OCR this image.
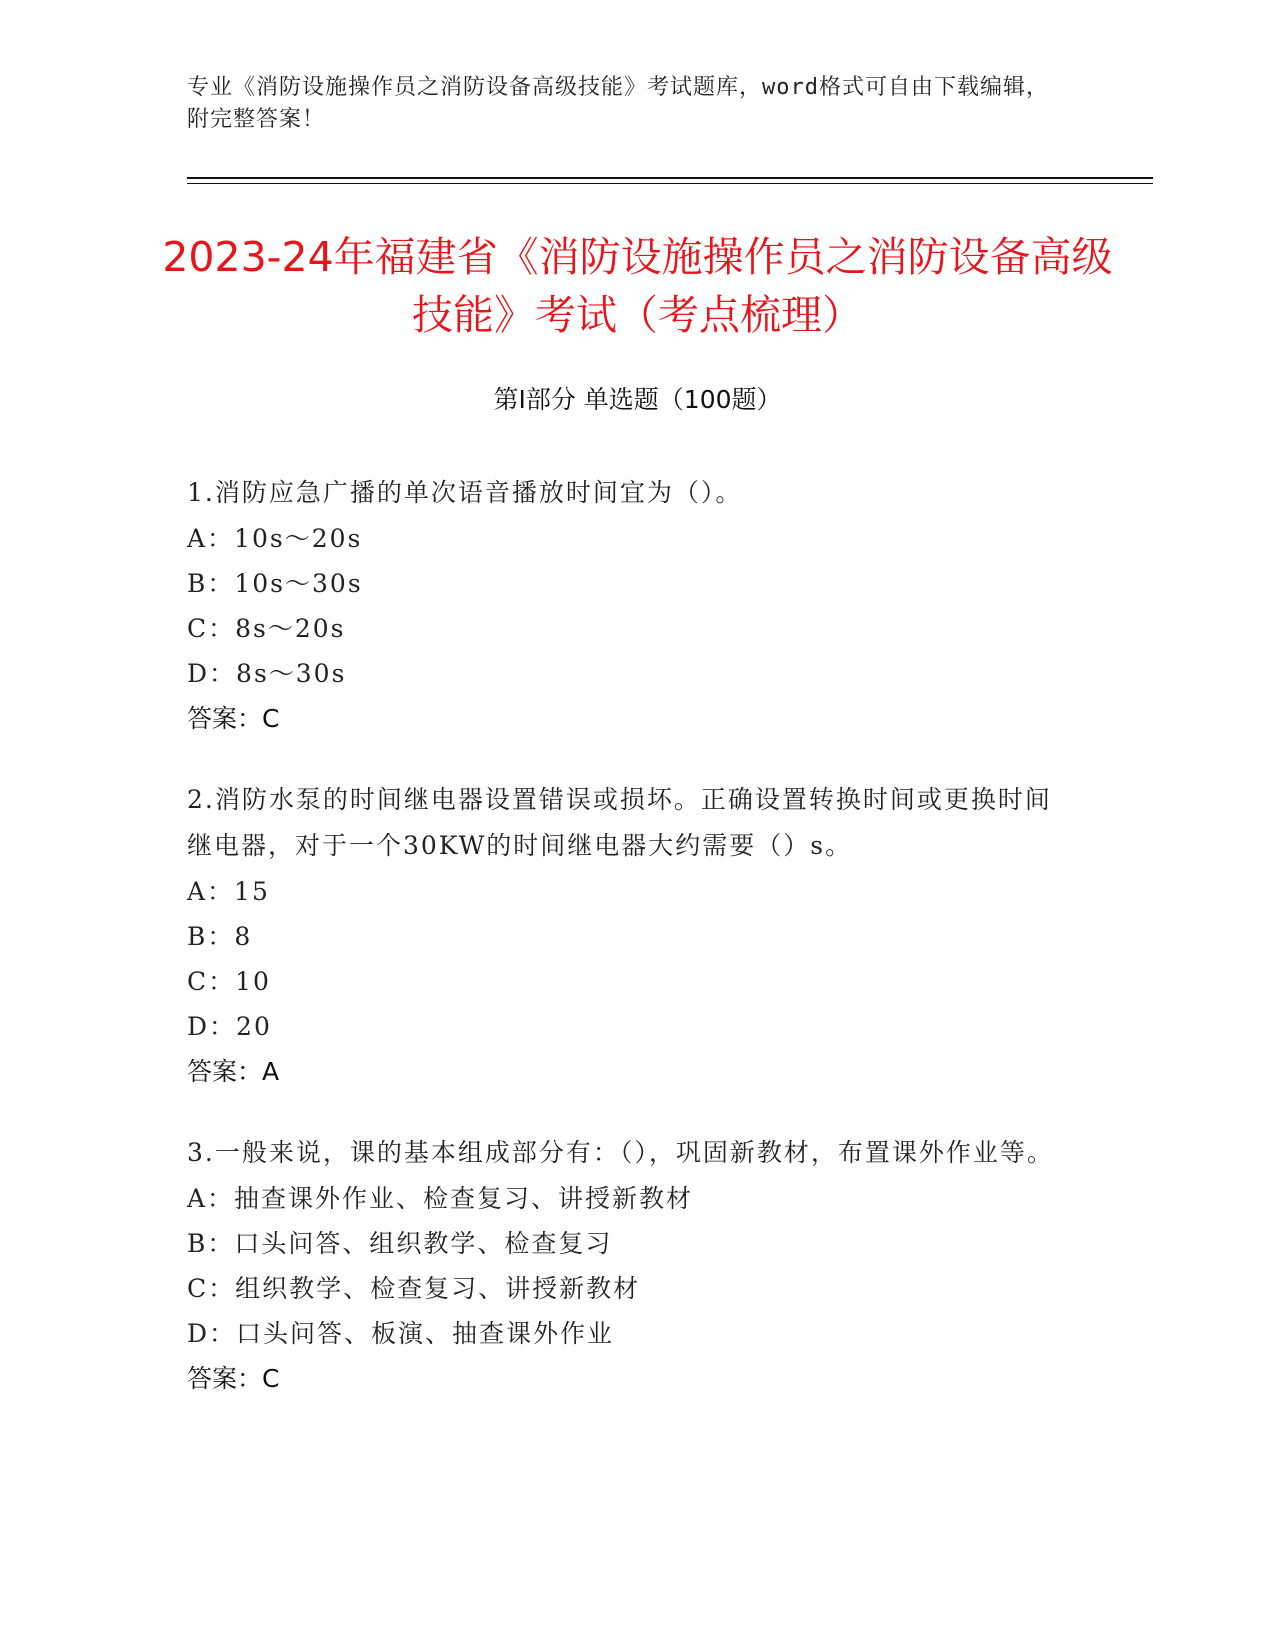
专业《消防设施操作员之消防设备高级技能》考试题库，word格式可自由下载编辑，附完整答案！
2023-24年福建省《消防设施操作员之消防设备高级技能》考试（考点梳理）
第Ⅰ部分 单选题（100题）
1.消防应急广播的单次语音播放时间宜为（）。
A：10s～20s
B：10s～30s
C：8s～20s
D：8s～30s
答案：C
2.消防水泵的时间继电器设置错误或损坏。正确设置转换时间或更换时间继电器，对于一个30KW的时间继电器大约需要（）s。
A：15
B：8
C：10
D：20
答案：A
3.一般来说，课的基本组成部分有：（），巩固新教材，布置课外作业等。
A：抽查课外作业、检查复习、讲授新教材
B：口头问答、组织教学、检查复习
C：组织教学、检查复习、讲授新教材
D：口头问答、板演、抽查课外作业
答案：C
